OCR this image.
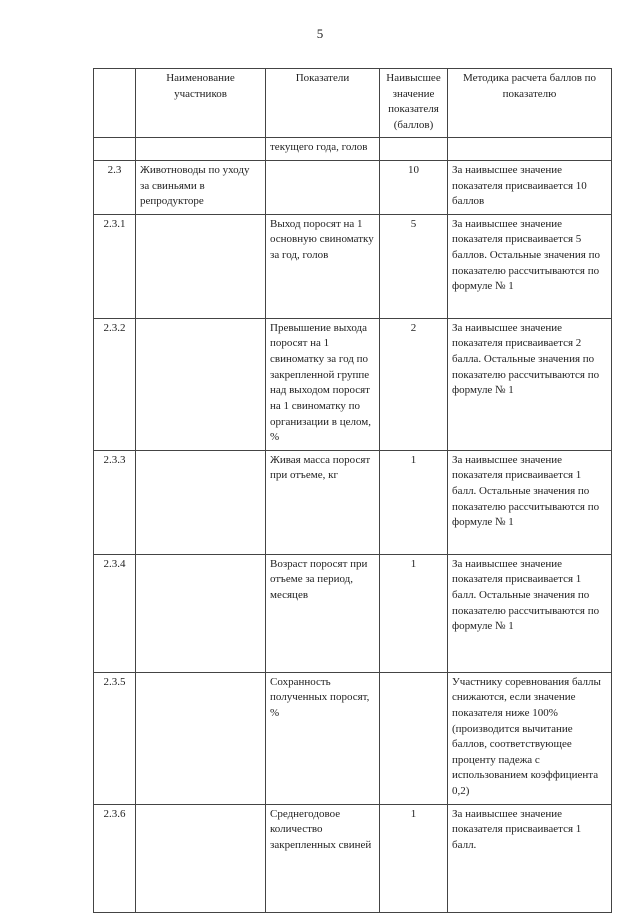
5
	Наименование участников	Показатели	Наивысшее значение показателя (баллов)	Методика расчета баллов по показателю
		текущего года, голов		
2.3	Животноводы по уходу за свиньями в репродукторе		10	За наивысшее значение показателя присваивается 10 баллов
2.3.1		Выход поросят на 1 основную свиноматку за год, голов	5	За наивысшее значение показателя присваивается 5 баллов. Остальные значения по показателю рассчитываются по формуле № 1
2.3.2		Превышение выхода поросят на 1 свиноматку за год по закрепленной группе над выходом поросят на 1 свиноматку по организации в целом, %	2	За наивысшее значение показателя присваивается 2 балла. Остальные значения по показателю рассчитываются по формуле № 1
2.3.3		Живая масса поросят при отъеме, кг	1	За наивысшее значение показателя присваивается 1 балл. Остальные значения по показателю рассчитываются по формуле № 1
2.3.4		Возраст поросят при отъеме за период, месяцев	1	За наивысшее значение показателя присваивается 1 балл. Остальные значения по показателю рассчитываются по формуле № 1
2.3.5		Сохранность полученных поросят, %		Участнику соревнования баллы снижаются, если значение показателя ниже 100% (производится вычитание баллов, соответствующее проценту падежа с использованием коэффициента 0,2)
2.3.6		Среднегодовое количество закрепленных свиней	1	За наивысшее значение показателя присваивается 1 балл.
